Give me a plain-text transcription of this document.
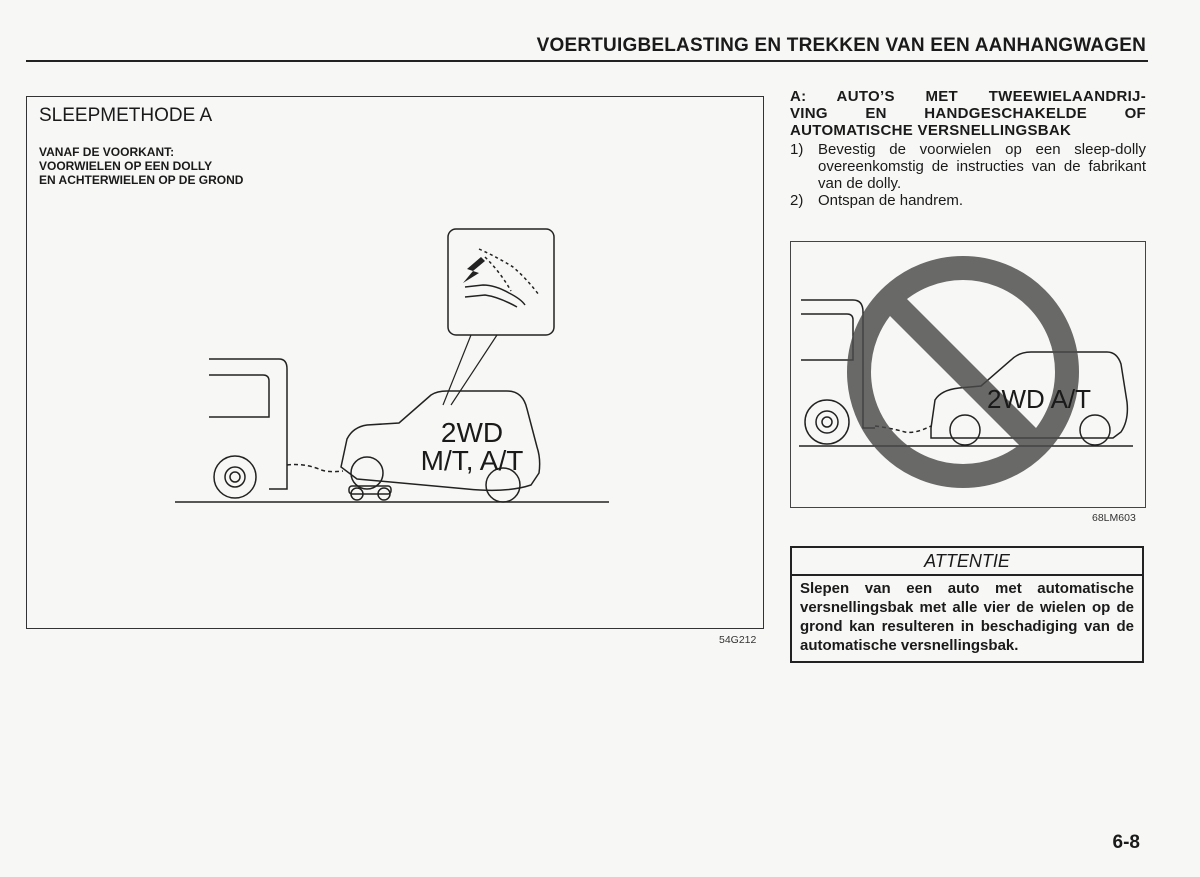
VOERTUIGBELASTING EN TREKKEN VAN EEN AANHANGWAGEN
SLEEPMETHODE A
VANAF DE VOORKANT:
VOORWIELEN OP EEN DOLLY
EN ACHTERWIELEN OP DE GROND
2WD
M/T, A/T
54G212
A: AUTO’S MET TWEEWIELAANDRIJ-
VING EN HANDGESCHAKELDE OF
AUTOMATISCHE VERSNELLINGSBAK
1) Bevestig de voorwielen op een sleep-dolly overeenkomstig de instructies van de fabrikant van de dolly.
2) Ontspan de handrem.
2WD A/T
68LM603
ATTENTIE
Slepen van een auto met automatische versnellingsbak met alle vier de wielen op de grond kan resulteren in beschadiging van de automatische versnellingsbak.
6-8
